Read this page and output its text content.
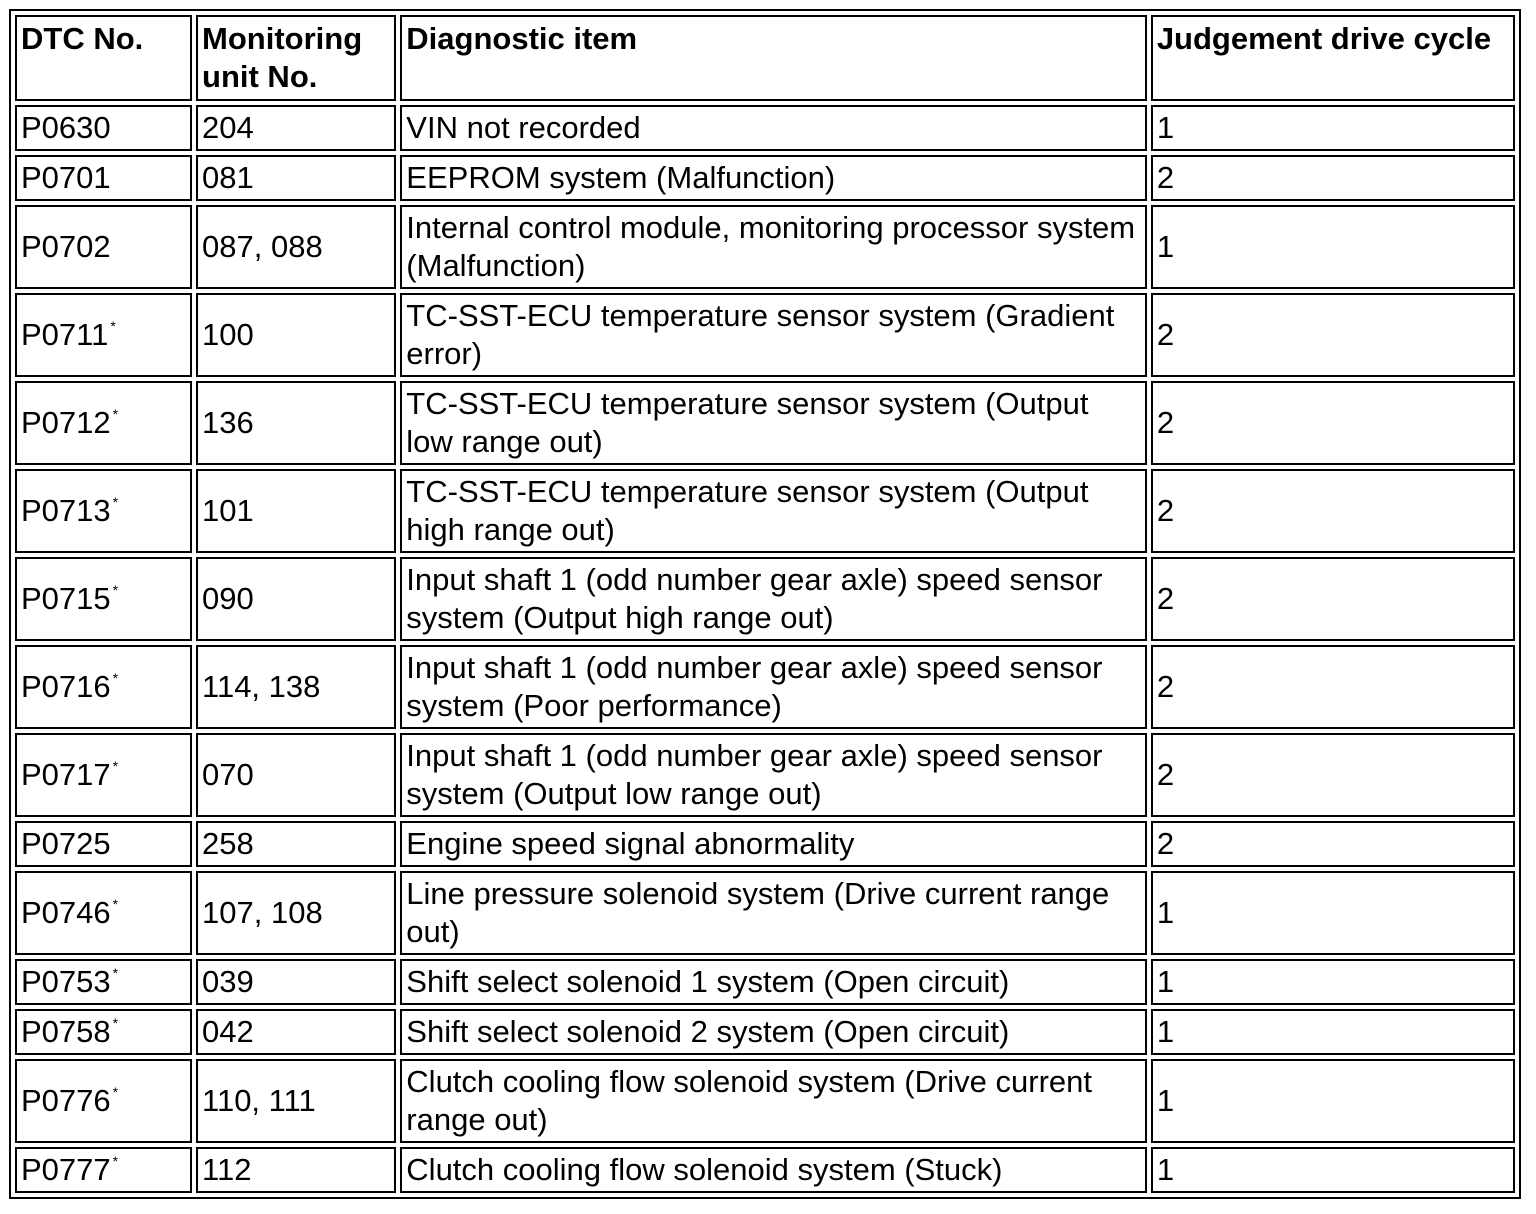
DTC No.	Monitoring unit No.	Diagnostic item	Judgement drive cycle
P0630	204	VIN not recorded	1
P0701	081	EEPROM system (Malfunction)	2
P0702	087, 088	Internal control module, monitoring processor system (Malfunction)	1
P0711 *	100	TC-SST-ECU temperature sensor system (Gradient error)	2
P0712 *	136	TC-SST-ECU temperature sensor system (Output low range out)	2
P0713 *	101	TC-SST-ECU temperature sensor system (Output high range out)	2
P0715 *	090	Input shaft 1 (odd number gear axle) speed sensor system (Output high range out)	2
P0716 *	114, 138	Input shaft 1 (odd number gear axle) speed sensor system (Poor performance)	2
P0717 *	070	Input shaft 1 (odd number gear axle) speed sensor system (Output low range out)	2
P0725	258	Engine speed signal abnormality	2
P0746 *	107, 108	Line pressure solenoid system (Drive current range out)	1
P0753 *	039	Shift select solenoid 1 system (Open circuit)	1
P0758 *	042	Shift select solenoid 2 system (Open circuit)	1
P0776 *	110, 111	Clutch cooling flow solenoid system (Drive current range out)	1
P0777 *	112	Clutch cooling flow solenoid system (Stuck)	1
